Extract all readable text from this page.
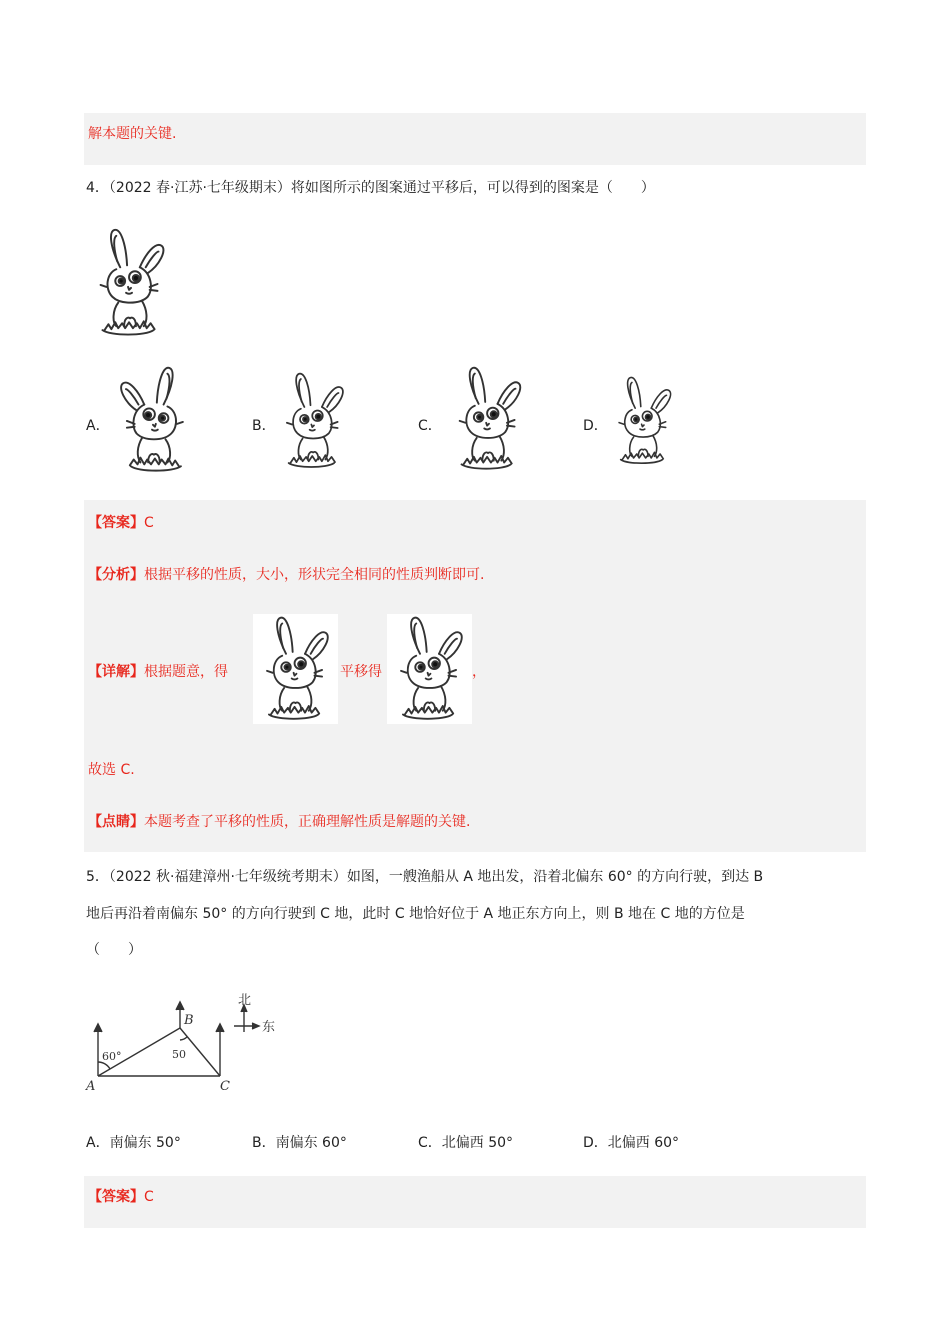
解本题的关键.
4．（2022 春·江苏·七年级期末）将如图所示的图案通过平移后，可以得到的图案是（　　）
A．	B．	C．	D．
【答案】C
【分析】根据平移的性质，大小，形状完全相同的性质判断即可.
【详解】根据题意，得	平移得	，
故选 C.
【点睛】本题考查了平移的性质，正确理解性质是解题的关键.
5．（2022 秋·福建漳州·七年级统考期末）如图，一艘渔船从 A 地出发，沿着北偏东 60° 的方向行驶，到达 B
地后再沿着南偏东 50° 的方向行驶到 C 地，此时 C 地恰好位于 A 地正东方向上，则 B 地在 C 地的方位是
（　　）
A
B
C
60°	50
北
东
A．南偏东 50°	B．南偏东 60°	C．北偏西 50°	D．北偏西 60°
【答案】C
